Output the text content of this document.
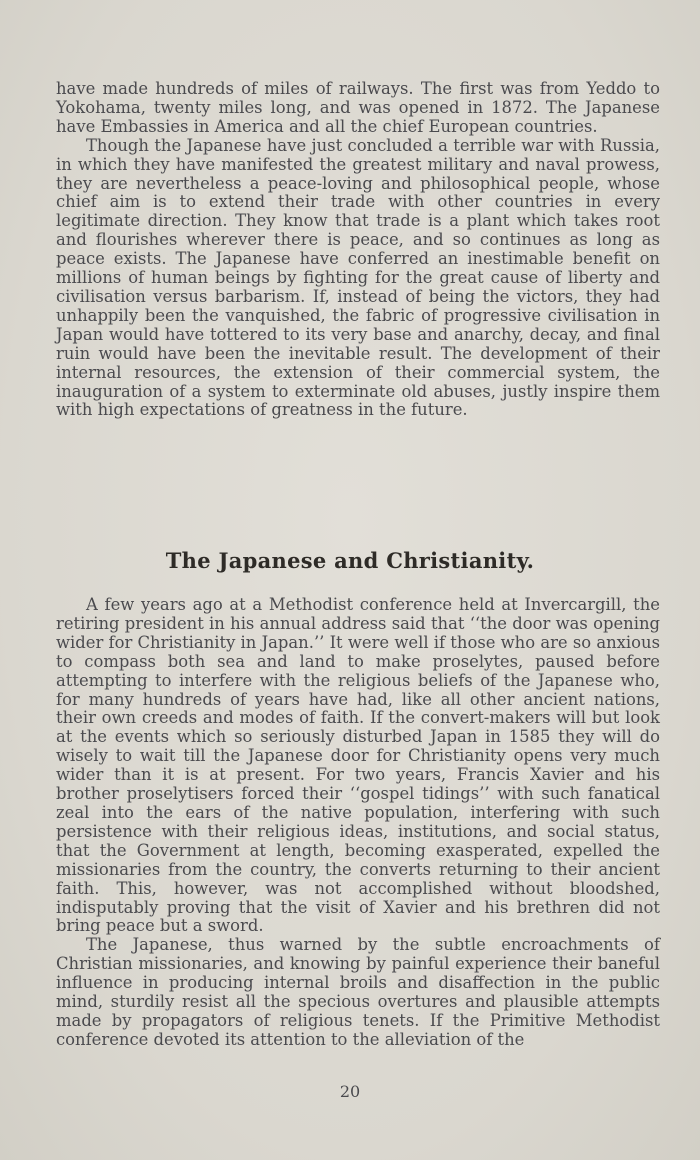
have made hundreds of miles of railways. The first was from Yeddo to Yokohama, twenty miles long, and was opened in 1872. The Japanese have Embassies in America and all the chief European countries.

Though the Japanese have just concluded a terrible war with Russia, in which they have manifested the greatest military and naval prowess, they are nevertheless a peace-loving and philosophical people, whose chief aim is to extend their trade with other countries in every legitimate direction. They know that trade is a plant which takes root and flourishes wherever there is peace, and so continues as long as peace exists. The Japanese have conferred an inestimable benefit on millions of human beings by fighting for the great cause of liberty and civilisation versus barbarism. If, instead of being the victors, they had unhappily been the vanquished, the fabric of progressive civilisation in Japan would have tottered to its very base and anarchy, decay, and final ruin would have been the inevitable result. The development of their internal resources, the extension of their commercial system, the inauguration of a system to exterminate old abuses, justly inspire them with high expectations of greatness in the future.

The Japanese and Christianity.

A few years ago at a Methodist conference held at Invercargill, the retiring president in his annual address said that ‘‘the door was opening wider for Christianity in Japan.’’ It were well if those who are so anxious to compass both sea and land to make proselytes, paused before attempting to interfere with the religious beliefs of the Japanese who, for many hundreds of years have had, like all other ancient nations, their own creeds and modes of faith. If the convert-makers will but look at the events which so seriously disturbed Japan in 1585 they will do wisely to wait till the Japanese door for Christianity opens very much wider than it is at present. For two years, Francis Xavier and his brother proselytisers forced their ‘‘gospel tidings’’ with such fanatical zeal into the ears of the native population, interfering with such persistence with their religious ideas, institutions, and social status, that the Government at length, becoming exasperated, expelled the missionaries from the country, the converts returning to their ancient faith. This, however, was not accomplished without bloodshed, indisputably proving that the visit of Xavier and his brethren did not bring peace but a sword.

The Japanese, thus warned by the subtle encroachments of Christian missionaries, and knowing by painful experience their baneful influence in producing internal broils and disaffection in the public mind, sturdily resist all the specious overtures and plausible attempts made by propagators of religious tenets. If the Primitive Methodist conference devoted its attention to the alleviation of the

20
